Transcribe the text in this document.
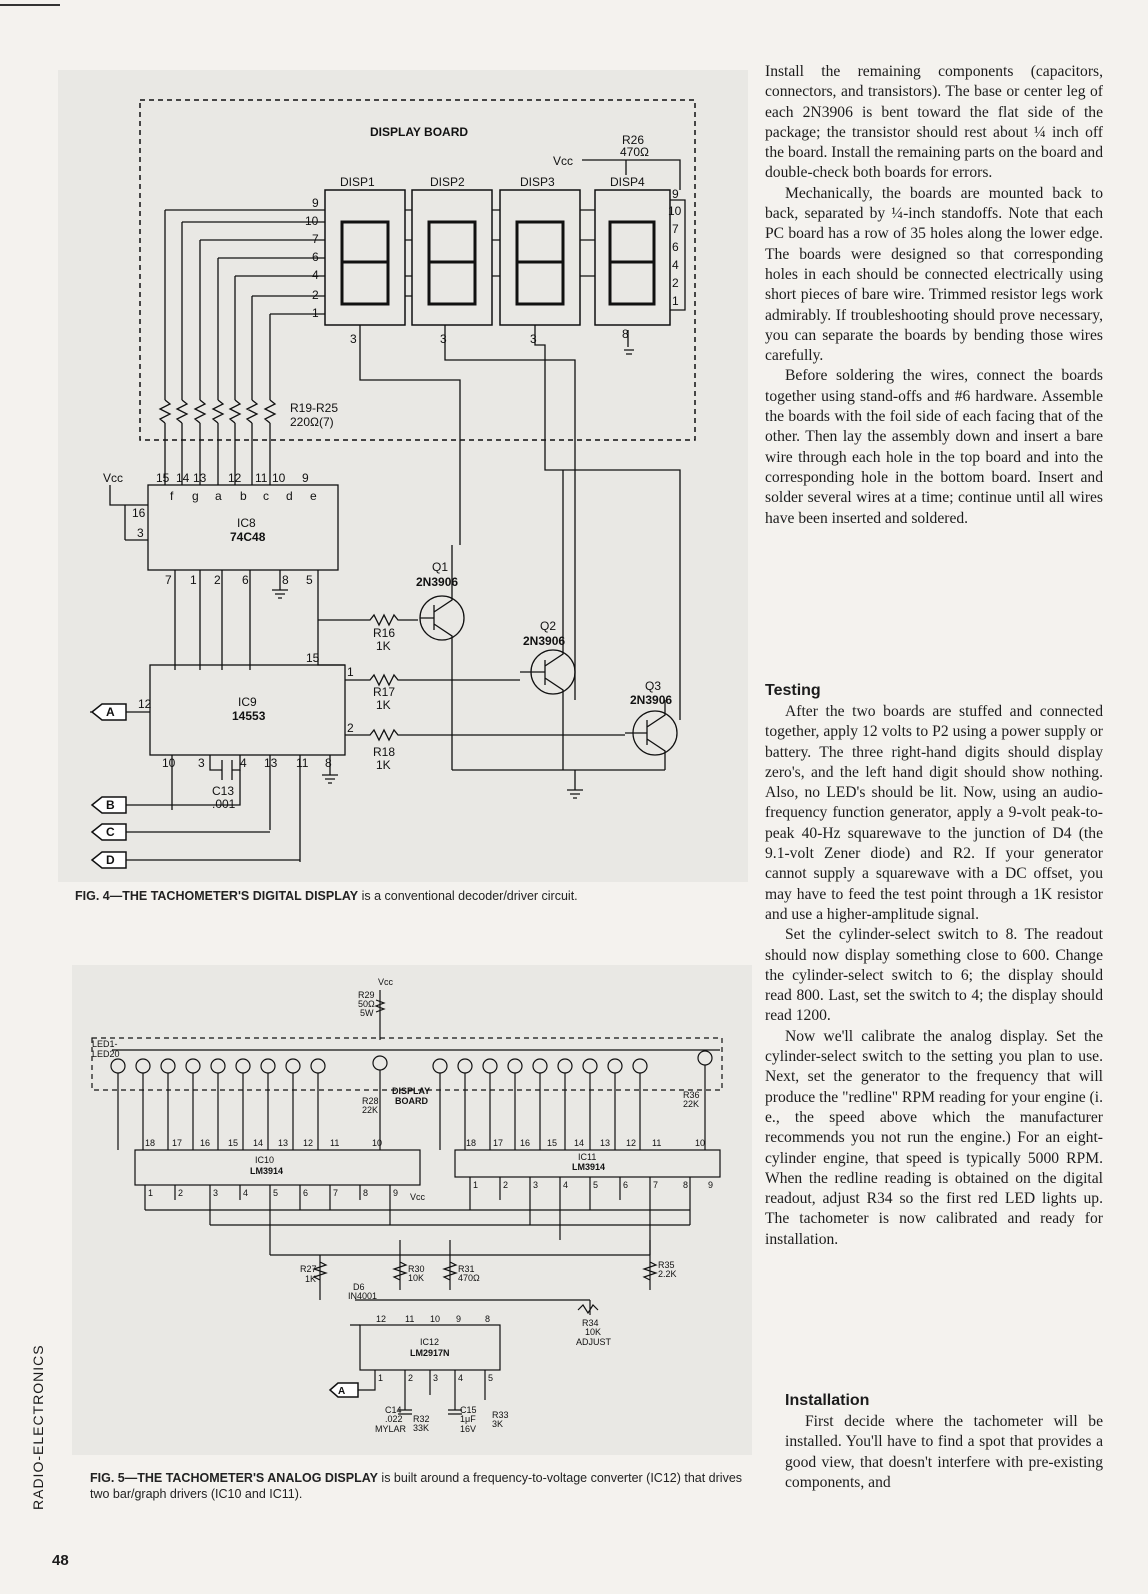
DISPLAY BOARD
R26
470Ω
Vcc
DISP1	DISP2	DISP3	DISP4
9
10
7
6
4
2
1
9
10
7
6
4
2
1
3	3	3	8
R19-R25
220Ω(7)
Vcc	15 14 13 12 11 10 9
f g a b c d e
IC8
74C48
16
3
7 1 2 6	8 5
IC9
14553
12
15
1
2
10 3	4 13 11 8
Q1
2N3906
Q2
2N3906
Q3
2N3906
R16
1K
R17
1K
R18
1K
C13
.001
A
B
C
D
FIG. 4—THE TACHOMETER'S DIGITAL DISPLAY is a conventional decoder/driver circuit.
Vcc
R29
50Ω
5W
LED1-
LED20
DISPLAY
BOARD
R28
22K
R36
22K
IC10
LM3914
IC11
LM3914
18 17 16 15 14 13 12 11	10	18 17 16 15 14 13 12 11	10
1	2	3	4	5	6	7	8	9
1	2	3	4	5	6	7	8 9
Vcc
R27
1K
D6
IN4001
R30
10K
R31
470Ω
R35
2.2K
R34
10K
ADJUST
IC12
LM2917N
12 11 10 9	8
1	2 3 4	5
C14
.022
MYLAR
R32
33K
C15
1μF
16V
R33
3K
A
FIG. 5—THE TACHOMETER'S ANALOG DISPLAY is built around a frequency-to-voltage converter (IC12) that drives two bar/graph drivers (IC10 and IC11).

Install the remaining components (capacitors, connectors, and transistors). The base or center leg of each 2N3906 is bent toward the flat side of the package; the transistor should rest about ¼ inch off the board. Install the remaining parts on the board and double-check both boards for errors.

Mechanically, the boards are mounted back to back, separated by ¼-inch standoffs. Note that each PC board has a row of 35 holes along the lower edge. The boards were designed so that corresponding holes in each should be connected electrically using short pieces of bare wire. Trimmed resistor legs work admirably. If troubleshooting should prove necessary, you can separate the boards by bending those wires carefully.

Before soldering the wires, connect the boards together using stand-offs and #6 hardware. Assemble the boards with the foil side of each facing that of the other. Then lay the assembly down and insert a bare wire through each hole in the top board and into the corresponding hole in the bottom board. Insert and solder several wires at a time; continue until all wires have been inserted and soldered.

Testing

After the two boards are stuffed and connected together, apply 12 volts to P2 using a power supply or battery. The three right-hand digits should display zero's, and the left hand digit should show nothing. Also, no LED's should be lit. Now, using an audio-frequency function generator, apply a 9-volt peak-to-peak 40-Hz squarewave to the junction of D4 (the 9.1-volt Zener diode) and R2. If your generator cannot supply a squarewave with a DC offset, you may have to feed the test point through a 1K resistor and use a higher-amplitude signal.

Set the cylinder-select switch to 8. The readout should now display something close to 600. Change the cylinder-select switch to 6; the display should read 800. Last, set the switch to 4; the display should read 1200.

Now we'll calibrate the analog display. Set the cylinder-select switch to the setting you plan to use. Next, set the generator to the frequency that will produce the "redline" RPM reading for your engine (i. e., the speed above which the manufacturer recommends you not run the engine.) For an eight-cylinder engine, that speed is typically 5000 RPM. When the redline reading is obtained on the digital readout, adjust R34 so the first red LED lights up. The tachometer is now calibrated and ready for installation.

Installation

First decide where the tachometer will be installed. You'll have to find a spot that provides a good view, that doesn't interfere with pre-existing components, and

RADIO-ELECTRONICS
48
